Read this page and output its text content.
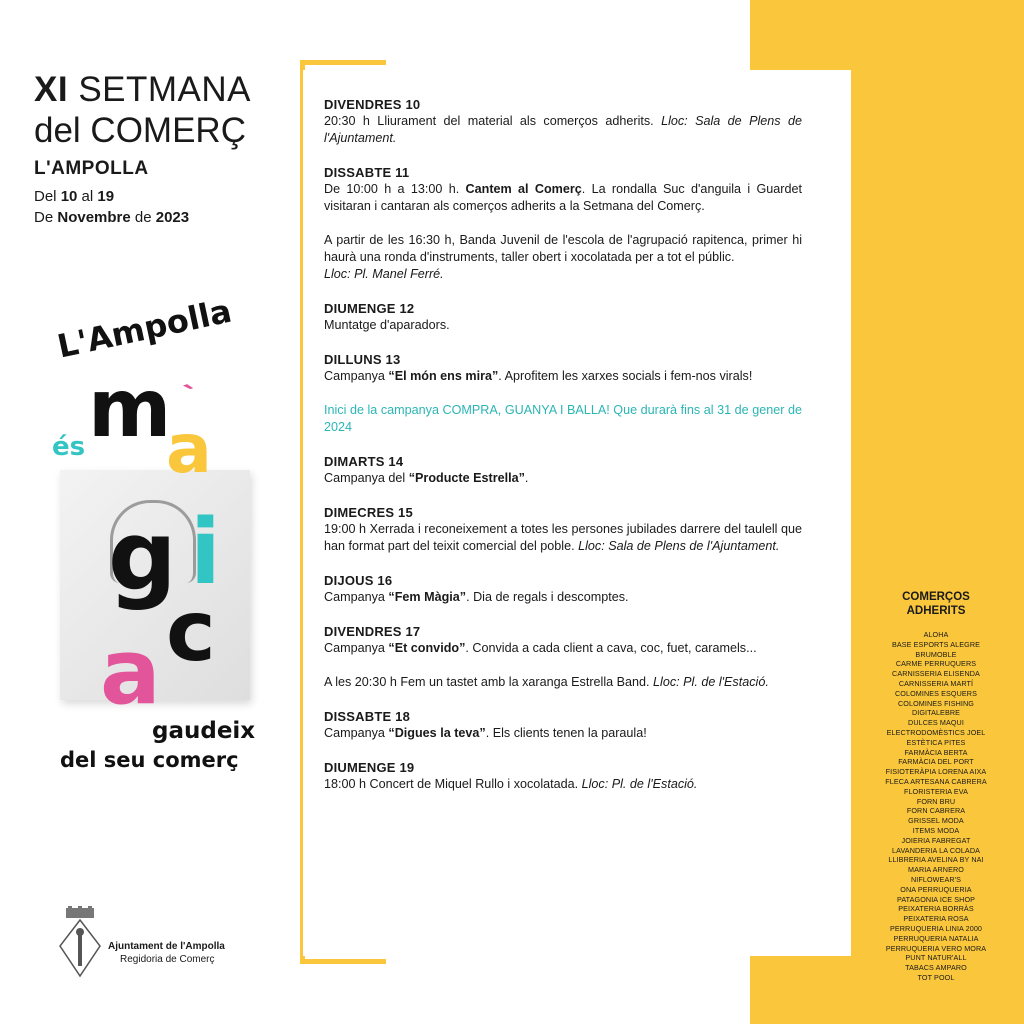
XI SETMANA
del COMERÇ
L'AMPOLLA
Del 10 al 19
De Novembre de 2023
L'Ampolla
és m `
a
g i
c
a
gaudeix
del seu comerç
Ajuntament de l'Ampolla
Regidoria de Comerç
DIVENDRES 10
20:30 h Lliurament del material als comerços adherits. Lloc: Sala de Plens de l'Ajuntament.
DISSABTE 11
De 10:00 h a 13:00 h. Cantem al Comerç. La rondalla Suc d'anguila i Guardet visitaran i cantaran als comerços adherits a la Setmana del Comerç.
A partir de les 16:30 h, Banda Juvenil de l'escola de l'agrupació rapitenca, primer hi haurà una ronda d'instruments, taller obert i xocolatada per a tot el públic.
Lloc: Pl. Manel Ferré.
DIUMENGE 12
Muntatge d'aparadors.
DILLUNS 13
Campanya “El món ens mira”. Aprofitem les xarxes socials i fem-nos virals!
Inici de la campanya COMPRA, GUANYA I BALLA! Que durarà fins al 31 de gener de 2024
DIMARTS 14
Campanya del “Producte Estrella”.
DIMECRES 15
19:00 h Xerrada i reconeixement a totes les persones jubilades darrere del taulell que han format part del teixit comercial del poble. Lloc: Sala de Plens de l'Ajuntament.
DIJOUS 16
Campanya “Fem Màgia”. Dia de regals i descomptes.
DIVENDRES 17
Campanya “Et convido”. Convida a cada client a cava, coc, fuet, caramels...
A les 20:30 h Fem un tastet amb la xaranga Estrella Band. Lloc: Pl. de l'Estació.
DISSABTE 18
Campanya “Digues la teva”. Els clients tenen la paraula!
DIUMENGE 19
18:00 h Concert de Miquel Rullo i xocolatada. Lloc: Pl. de l'Estació.
COMERÇOS
ADHERITS
ALOHA
BASE ESPORTS ALEGRE
BRUMOBLE
CARME PERRUQUERS
CARNISSERIA ELISENDA
CARNISSERIA MARTÍ
COLOMINES ESQUERS
COLOMINES FISHING
DIGITALEBRE
DULCES MAQUI
ELECTRODOMÈSTICS JOEL
ESTÈTICA PITES
FARMÀCIA BERTA
FARMÀCIA DEL PORT
FISIOTERÀPIA LORENA AIXA
FLECA ARTESANA CABRERA
FLORISTERIA EVA
FORN BRU
FORN CABRERA
GRISSEL MODA
ITEMS MODA
JOIERIA FABREGAT
LAVANDERIA LA COLADA
LLIBRERIA AVELINA BY NAI
MARIA ARNERO
NIFLOWEAR'S
ONA PERRUQUERIA
PATAGONIA ICE SHOP
PEIXATERIA BORRÀS
PEIXATERIA ROSA
PERRUQUERIA LINIA 2000
PERRUQUERIA NATALIA
PERRUQUERIA VERO MORA
PUNT NATUR'ALL
TABACS AMPARO
TOT POOL
